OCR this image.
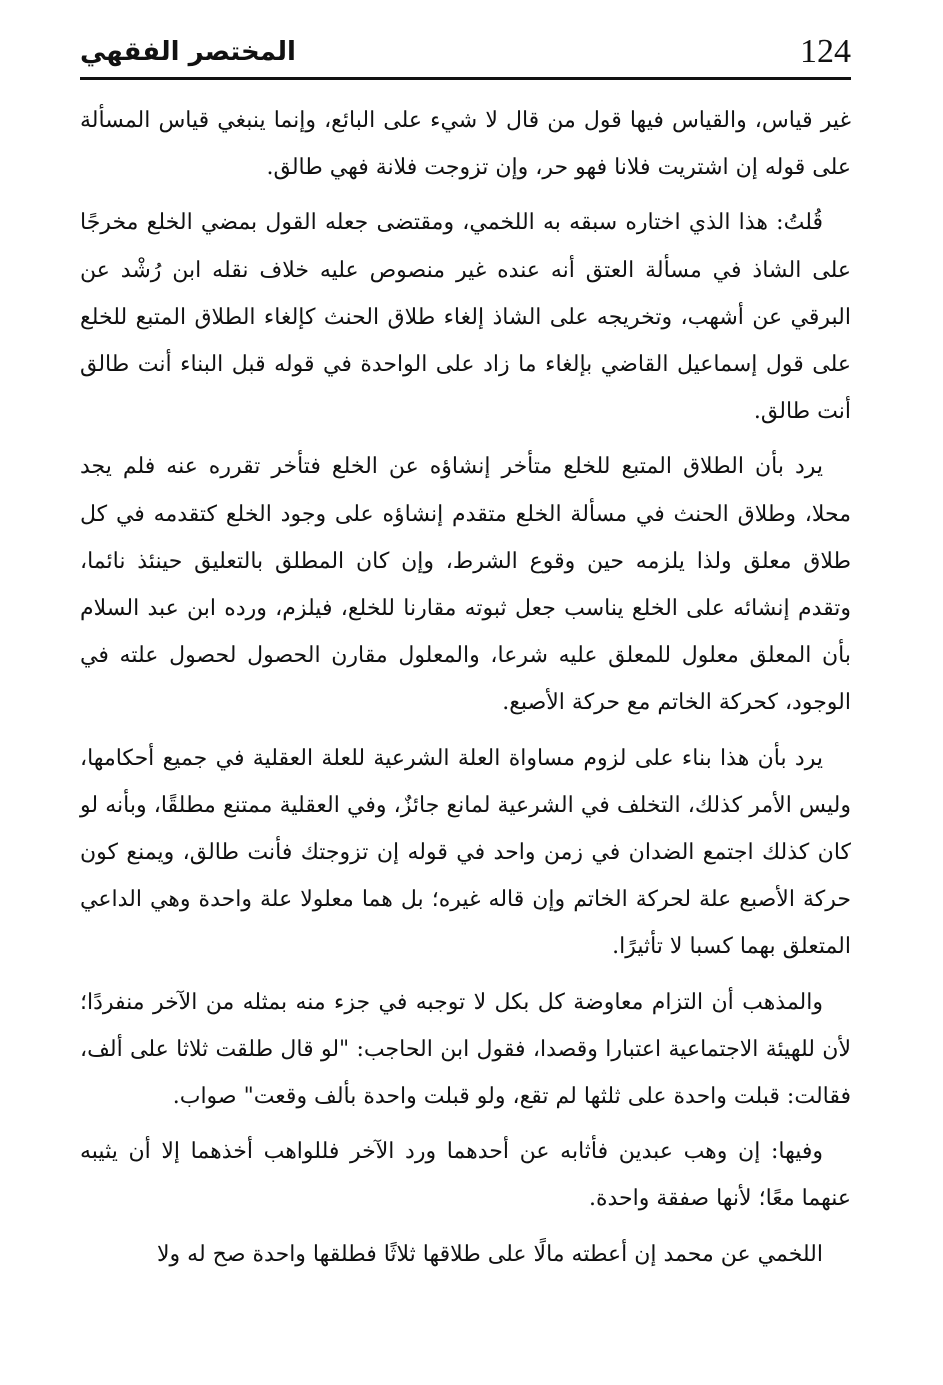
124
المختصر الفقهي

غير قياس، والقياس فيها قول من قال لا شيء على البائع، وإنما ينبغي قياس المسألة على قوله إن اشتريت فلانا فهو حر، وإن تزوجت فلانة فهي طالق.

قُلتُ: هذا الذي اختاره سبقه به اللخمي، ومقتضى جعله القول بمضي الخلع مخرجًا على الشاذ في مسألة العتق أنه عنده غير منصوص عليه خلاف نقله ابن رُشْد عن البرقي عن أشهب، وتخريجه على الشاذ إلغاء طلاق الحنث كإلغاء الطلاق المتبع للخلع على قول إسماعيل القاضي بإلغاء ما زاد على الواحدة في قوله قبل البناء أنت طالق أنت طالق.

يرد بأن الطلاق المتبع للخلع متأخر إنشاؤه عن الخلع فتأخر تقرره عنه فلم يجد محلا، وطلاق الحنث في مسألة الخلع متقدم إنشاؤه على وجود الخلع كتقدمه في كل طلاق معلق ولذا يلزمه حين وقوع الشرط، وإن كان المطلق بالتعليق حينئذ نائما، وتقدم إنشائه على الخلع يناسب جعل ثبوته مقارنا للخلع، فيلزم، ورده ابن عبد السلام بأن المعلق معلول للمعلق عليه شرعا، والمعلول مقارن الحصول لحصول علته في الوجود، كحركة الخاتم مع حركة الأصبع.

يرد بأن هذا بناء على لزوم مساواة العلة الشرعية للعلة العقلية في جميع أحكامها، وليس الأمر كذلك، التخلف في الشرعية لمانع جائزٌ، وفي العقلية ممتنع مطلقًا، وبأنه لو كان كذلك اجتمع الضدان في زمن واحد في قوله إن تزوجتك فأنت طالق، ويمنع كون حركة الأصبع علة لحركة الخاتم وإن قاله غيره؛ بل هما معلولا علة واحدة وهي الداعي المتعلق بهما كسبا لا تأثيرًا.

والمذهب أن التزام معاوضة كل بكل لا توجبه في جزء منه بمثله من الآخر منفردًا؛ لأن للهيئة الاجتماعية اعتبارا وقصدا، فقول ابن الحاجب: "لو قال طلقت ثلاثا على ألف، فقالت: قبلت واحدة على ثلثها لم تقع، ولو قبلت واحدة بألف وقعت" صواب.

وفيها: إن وهب عبدين فأثابه عن أحدهما ورد الآخر فللواهب أخذهما إلا أن يثيبه عنهما معًا؛ لأنها صفقة واحدة.

اللخمي عن محمد إن أعطته مالًا على طلاقها ثلاثًا فطلقها واحدة صح له ولا
